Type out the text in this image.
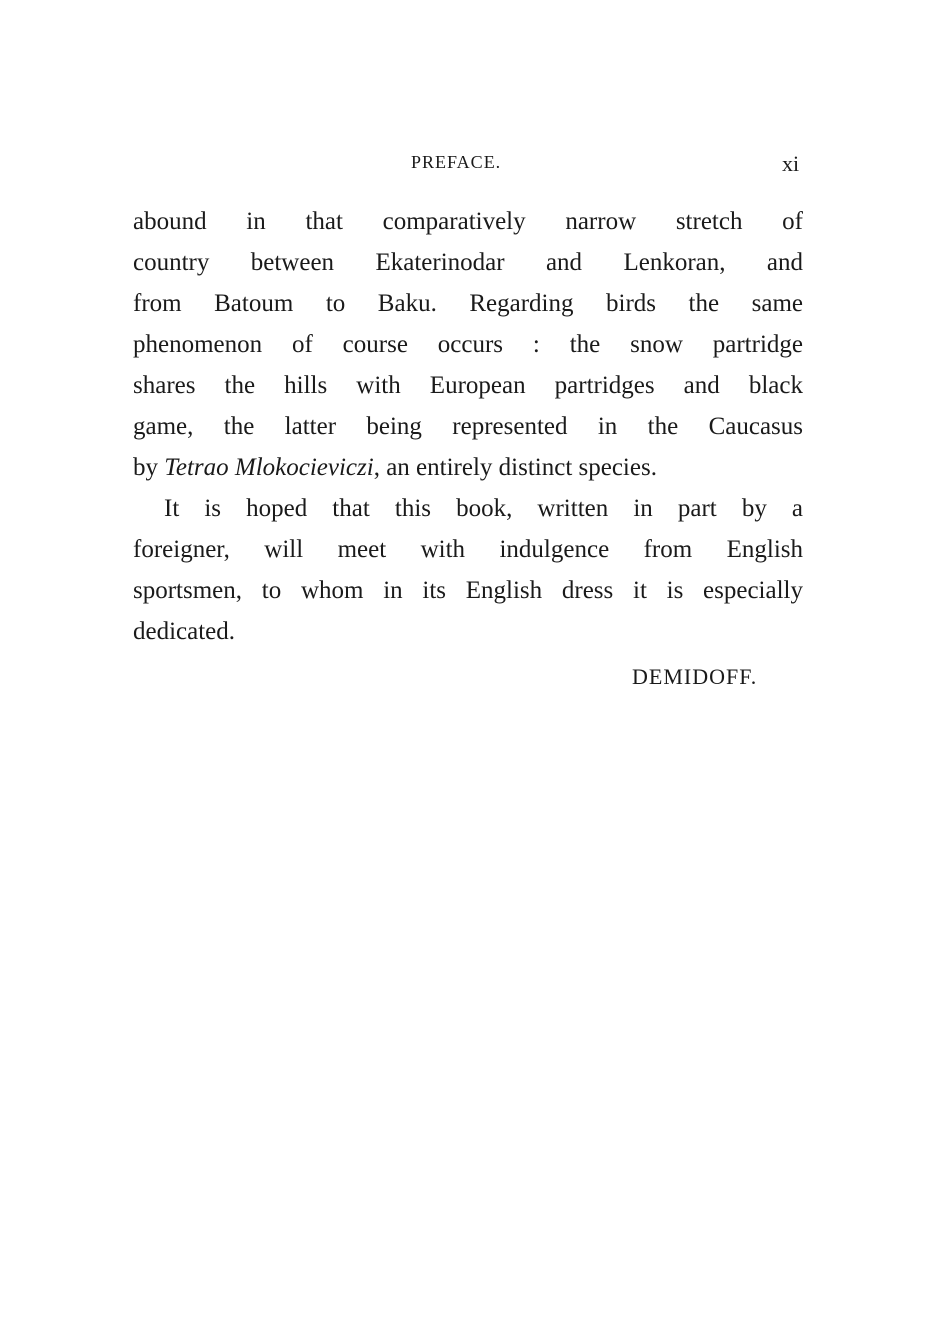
PREFACE.	xi
abound in that comparatively narrow stretch of
country between Ekaterinodar and Lenkoran, and
from Batoum to Baku. Regarding birds the same
phenomenon of course occurs : the snow partridge
shares the hills with European partridges and black
game, the latter being represented in the Caucasus
by Tetrao Mlokocieviczi, an entirely distinct species.
It is hoped that this book, written in part by a
foreigner, will meet with indulgence from English
sportsmen, to whom in its English dress it is especially
dedicated.
DEMIDOFF.
